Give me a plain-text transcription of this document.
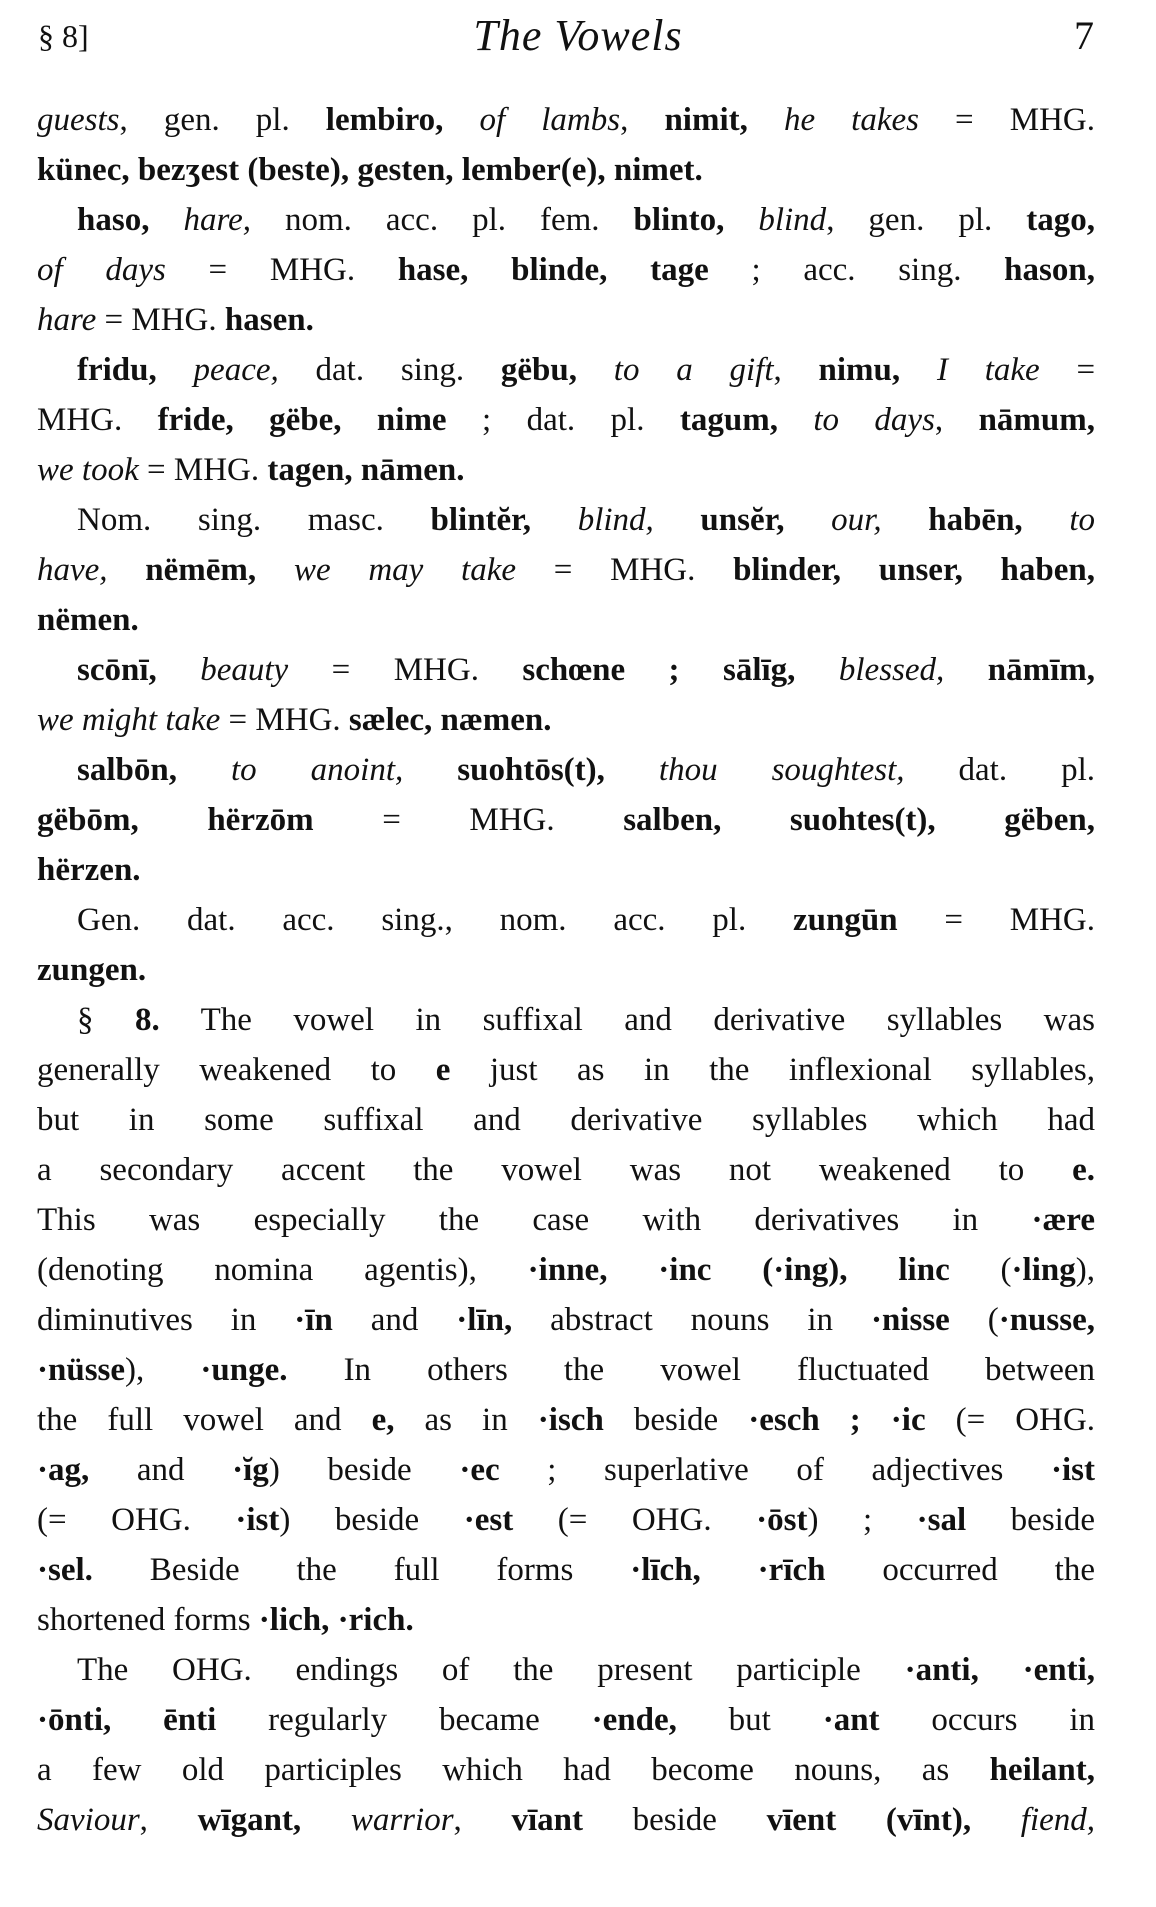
§ 8]	The Vowels	7
guests, gen. pl. lembiro, of lambs, nimit, he takes = MHG.
künec, bezʒest (beste), gesten, lember(e), nimet.
haso, hare, nom. acc. pl. fem. blinto, blind, gen. pl. tago,
of days = MHG. hase, blinde, tage ; acc. sing. hason,
hare = MHG. hasen.
fridu, peace, dat. sing. gëbu, to a gift, nimu, I take =
MHG. fride, gëbe, nime ; dat. pl. tagum, to days, nāmum,
we took = MHG. tagen, nāmen.
Nom. sing. masc. blintĕr, blind, unsĕr, our, habēn, to
have, nëmēm, we may take = MHG. blinder, unser, haben,
nëmen.
scōnī, beauty = MHG. schœne ; sālīg, blessed, nāmīm,
we might take = MHG. sælec, næmen.
salbōn, to anoint, suohtōs(t), thou soughtest, dat. pl.
gëbōm, hërzōm = MHG. salben, suohtes(t), gëben,
hërzen.
Gen. dat. acc. sing., nom. acc. pl. zungūn = MHG.
zungen.
§ 8. The vowel in suffixal and derivative syllables was
generally weakened to e just as in the inflexional syllables,
but in some suffixal and derivative syllables which had
a secondary accent the vowel was not weakened to e.
This was especially the case with derivatives in ·ære
(denoting nomina agentis), ·inne, ·inc (·ing), linc (·ling),
diminutives in ·īn and ·līn, abstract nouns in ·nisse (·nusse,
·nüsse), ·unge. In others the vowel fluctuated between
the full vowel and e, as in ·isch beside ·esch ; ·ic (= OHG.
·ag, and ·ĭg) beside ·ec ; superlative of adjectives ·ist
(= OHG. ·ist) beside ·est (= OHG. ·ōst) ; ·sal beside
·sel. Beside the full forms ·līch, ·rīch occurred the
shortened forms ·lich, ·rich.
The OHG. endings of the present participle ·anti, ·enti,
·ōnti, ēnti regularly became ·ende, but ·ant occurs in
a few old participles which had become nouns, as heilant,
Saviour, wīgant, warrior, vīant beside vīent (vīnt), fiend,
